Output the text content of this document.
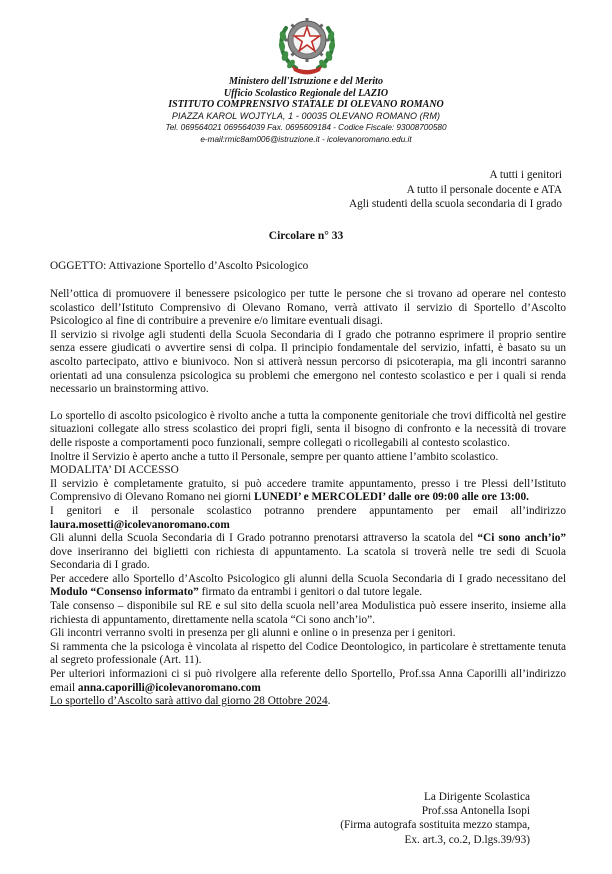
Ministero dell'Istruzione e del Merito
Ufficio Scolastico Regionale del LAZIO
ISTITUTO COMPRENSIVO STATALE DI OLEVANO ROMANO
PIAZZA KAROL WOJTYLA, 1 - 00035 OLEVANO ROMANO (RM)
Tel. 069564021 069564039 Fax. 0695609184 - Codice Fiscale: 93008700580
e-mail:rmic8am006@istruzione.it - icolevanoromano.edu.it
A tutti i genitori
A tutto il personale docente e ATA
Agli studenti della scuola secondaria di I grado
Circolare n° 33
OGGETTO: Attivazione Sportello d’Ascolto Psicologico

Nell’ottica di promuovere il benessere psicologico per tutte le persone che si trovano ad operare nel contesto scolastico dell’Istituto Comprensivo di Olevano Romano, verrà attivato il servizio di Sportello d’Ascolto Psicologico al fine di contribuire a prevenire e/o limitare eventuali disagi.

Il servizio si rivolge agli studenti della Scuola Secondaria di I grado che potranno esprimere il proprio sentire senza essere giudicati o avvertire sensi di colpa. Il principio fondamentale del servizio, infatti, è basato su un ascolto partecipato, attivo e biunivoco. Non si attiverà nessun percorso di psicoterapia, ma gli incontri saranno orientati ad una consulenza psicologica su problemi che emergono nel contesto scolastico e per i quali si renda necessario un brainstorming attivo.

Lo sportello di ascolto psicologico è rivolto anche a tutta la componente genitoriale che trovi difficoltà nel gestire situazioni collegate allo stress scolastico dei propri figli, senta il bisogno di confronto e la necessità di trovare delle risposte a comportamenti poco funzionali, sempre collegati o ricollegabili al contesto scolastico.

Inoltre il Servizio è aperto anche a tutto il Personale, sempre per quanto attiene l’ambito scolastico.

MODALITA’ DI ACCESSO

Il servizio è completamente gratuito, si può accedere tramite appuntamento, presso i tre Plessi dell’Istituto Comprensivo di Olevano Romano nei giorni LUNEDI’ e MERCOLEDI’ dalle ore 09:00 alle ore 13:00.

I genitori e il personale scolastico potranno prendere appuntamento per email all’indirizzo laura.mosetti@icolevanoromano.com

Gli alunni della Scuola Secondaria di I Grado potranno prenotarsi attraverso la scatola del “Ci sono anch’io” dove inseriranno dei biglietti con richiesta di appuntamento. La scatola si troverà nelle tre sedi di Scuola Secondaria di I grado.

Per accedere allo Sportello d’Ascolto Psicologico gli alunni della Scuola Secondaria di I grado necessitano del Modulo “Consenso informato” firmato da entrambi i genitori o dal tutore legale.

Tale consenso – disponibile sul RE e sul sito della scuola nell’area Modulistica può essere inserito, insieme alla richiesta di appuntamento, direttamente nella scatola “Ci sono anch’io”.

Gli incontri verranno svolti in presenza per gli alunni e online o in presenza per i genitori.

Si rammenta che la psicologa è vincolata al rispetto del Codice Deontologico, in particolare è strettamente tenuta al segreto professionale (Art. 11).

Per ulteriori informazioni ci si può rivolgere alla referente dello Sportello, Prof.ssa Anna Caporilli all’indirizzo email anna.caporilli@icolevanoromano.com

Lo sportello d’Ascolto sarà attivo dal giorno 28 Ottobre 2024.

La Dirigente Scolastica
Prof.ssa Antonella Isopi
(Firma autografa sostituita mezzo stampa,
Ex. art.3, co.2, D.lgs.39/93)
